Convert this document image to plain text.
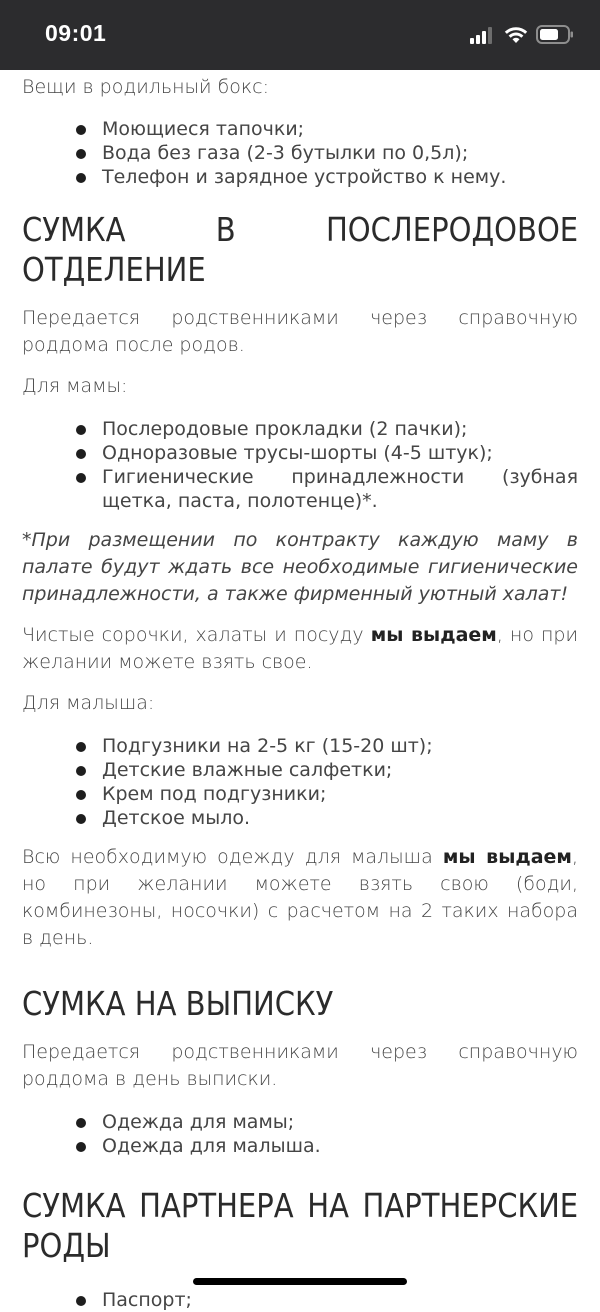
09:01

Вещи в родильный бокс:

Моющиеся тапочки;
Вода без газа (2-3 бутылки по 0,5л);
Телефон и зарядное устройство к нему.
СУМКА В ПОСЛЕРОДОВОЕ ОТДЕЛЕНИЕ

Передается родственниками через справочную роддома после родов.

Для мамы:

Послеродовые прокладки (2 пачки);
Одноразовые трусы-шорты (4-5 штук);
Гигиенические принадлежности (зубная щетка, паста, полотенце)*.

*При размещении по контракту каждую маму в палате будут ждать все необходимые гигиенические принадлежности, а также фирменный уютный халат!

Чистые сорочки, халаты и посуду мы выдаем, но при желании можете взять свое.

Для малыша:

Подгузники на 2-5 кг (15-20 шт);
Детские влажные салфетки;
Крем под подгузники;
Детское мыло.

Всю необходимую одежду для малыша мы выдаем, но при желании можете взять свою (боди, комбинезоны, носочки) с расчетом на 2 таких набора в день.

СУМКА НА ВЫПИСКУ

Передается родственниками через справочную роддома в день выписки.

Одежда для мамы;
Одежда для малыша.
СУМКА ПАРТНЕРА НА ПАРТНЕРСКИЕ РОДЫ
Паспорт;
